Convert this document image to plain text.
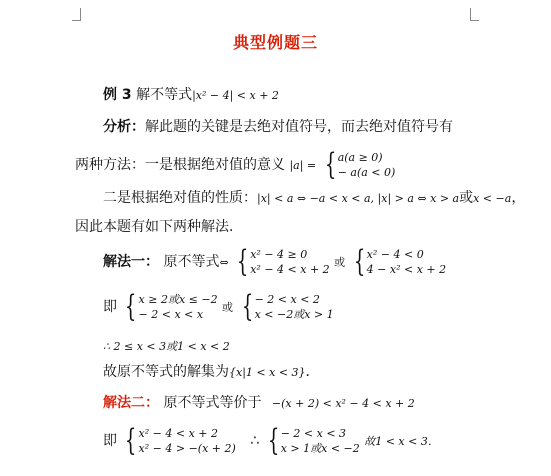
典型例题三
例 3 解不等式|x² − 4| < x + 2
分析：解此题的关键是去绝对值符号，而去绝对值符号有
两种方法：一是根据绝对值的意义 |a| = { a(a ≥ 0)
− a(a < 0)
二是根据绝对值的性质：|x| < a ⇔ −a < x < a, |x| > a ⇔ x > a或x < −a，
因此本题有如下两种解法．
解法一： 原不等式⇔ { x² − 4 ≥ 0
x² − 4 < x + 2
或 { x² − 4 < 0
4 − x² < x + 2
即 { x ≥ 2或x ≤ −2
− 2 < x < x
或 { − 2 < x < 2
x < −2或x > 1
∴ 2 ≤ x < 3或1 < x < 2
故原不等式的解集为{x|1 < x < 3}．
解法二： 原不等式等价于 −(x + 2) < x² − 4 < x + 2
即 { x² − 4 < x + 2
x² − 4 > −(x + 2) ∴ { − 2 < x < 3
x > 1或x < −2
故1 < x < 3．
